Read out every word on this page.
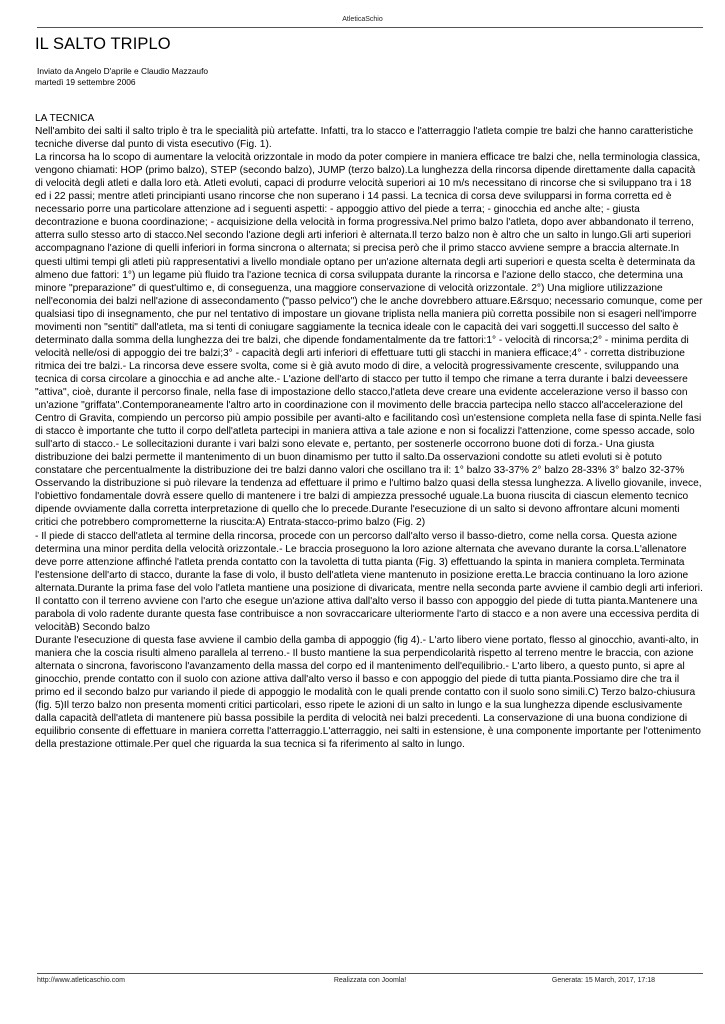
AtleticaSchio
IL SALTO TRIPLO
Inviato da Angelo D'aprile e Claudio Mazzaufo
martedì 19 settembre 2006

LA TECNICA

Nell'ambito dei salti il salto triplo è tra le specialità più artefatte. Infatti, tra lo stacco e l'atterraggio l'atleta compie tre balzi che hanno caratteristiche tecniche diverse dal punto di vista esecutivo (Fig. 1).
La rincorsa ha lo scopo di aumentare la velocità orizzontale in modo da poter compiere in maniera efficace tre balzi che, nella terminologia classica, vengono chiamati: HOP (primo balzo), STEP (secondo balzo), JUMP (terzo balzo).La lunghezza della rincorsa dipende direttamente dalla capacità di velocità degli atleti e dalla loro età. Atleti evoluti, capaci di produrre velocità superiori ai 10 m/s necessitano di rincorse che si sviluppano tra i 18 ed i 22 passi; mentre atleti principianti usano rincorse che non superano i 14 passi. La tecnica di corsa deve svilupparsi in forma corretta ed è necessario porre una particolare attenzione ad i seguenti aspetti: - appoggio attivo del piede a terra; - ginocchia ed anche alte; - giusta decontrazione e buona coordinazione; - acquisizione della velocità in forma progressiva.Nel primo balzo l'atleta, dopo aver abbandonato il terreno, atterra sullo stesso arto di stacco.Nel secondo l'azione degli arti inferiori è alternata.Il terzo balzo non è altro che un salto in lungo.Gli arti superiori accompagnano l'azione di quelli inferiori in forma sincrona o alternata; si precisa però che il primo stacco avviene sempre a braccia alternate.In questi ultimi tempi gli atleti più rappresentativi a livello mondiale optano per un'azione alternata degli arti superiori e questa scelta è determinata da almeno due fattori: 1°) un legame più fluido tra l'azione tecnica di corsa sviluppata durante la rincorsa e l'azione dello stacco, che determina una minore "preparazione" di quest'ultimo e, di conseguenza, una maggiore conservazione di velocità orizzontale. 2°) Una migliore utilizzazione nell'economia dei balzi nell'azione di assecondamento ("passo pelvico") che le anche dovrebbero attuare.E&rsquo; necessario comunque, come per qualsiasi tipo di insegnamento, che pur nel tentativo di impostare un giovane triplista nella maniera più corretta possibile non si esageri nell'imporre movimenti non "sentiti" dall'atleta, ma si tenti di coniugare saggiamente la tecnica ideale con le capacità dei vari soggetti.Il successo del salto è determinato dalla somma della lunghezza dei tre balzi, che dipende fondamentalmente da tre fattori:1° - velocità di rincorsa;2° - minima perdita di velocità nelle/osi di appoggio dei tre balzi;3° - capacità degli arti inferiori di effettuare tutti gli stacchi in maniera efficace;4° - corretta distribuzione ritmica dei tre balzi.- La rincorsa deve essere svolta, come si è già avuto modo di dire, a velocità progressivamente crescente, sviluppando una tecnica di corsa circolare a ginocchia e ad anche alte.- L'azione dell'arto di stacco per tutto il tempo che rimane a terra durante i balzi deveessere "attiva", cioè, durante il percorso finale, nella fase di impostazione dello stacco,l'atleta deve creare una evidente accelerazione verso il basso con un'azione "griffata".Contemporaneamente l'altro arto in coordinazione con il movimento delle braccia partecipa nello stacco all'accelerazione del Centro di Gravita, compiendo un percorso più ampio possibile per avanti-alto e facilitando così un'estensione completa nella fase di spinta.Nelle fasi di stacco è importante che tutto il corpo dell'atleta partecipi in maniera attiva a tale azione e non si focalizzi l'attenzione, come spesso accade, solo sull'arto di stacco.- Le sollecitazioni durante i vari balzi sono elevate e, pertanto, per sostenerle occorrono buone doti di forza.- Una giusta distribuzione dei balzi permette il mantenimento di un buon dinamismo per tutto il salto.Da osservazioni condotte su atleti evoluti si è potuto constatare che percentualmente la distribuzione dei tre balzi danno valori che oscillano tra il: 1° balzo 33-37% 2° balzo 28-33% 3° balzo 32-37%
Osservando la distribuzione si può rilevare la tendenza ad effettuare il primo e l'ultimo balzo quasi della stessa lunghezza. A livello giovanile, invece, l'obiettivo fondamentale dovrà essere quello di mantenere i tre balzi di ampiezza pressoché uguale.La buona riuscita di ciascun elemento tecnico dipende ovviamente dalla corretta interpretazione di quello che lo precede.Durante l'esecuzione di un salto si devono affrontare alcuni momenti critici che potrebbero comprometterne la riuscita:A) Entrata-stacco-primo balzo (Fig. 2)
- Il piede di stacco dell'atleta al termine della rincorsa, procede con un percorso dall'alto verso il basso-dietro, come nella corsa. Questa azione determina una minor perdita della velocità orizzontale.- Le braccia proseguono la loro azione alternata che avevano durante la corsa.L'allenatore deve porre attenzione affinché l'atleta prenda contatto con la tavoletta di tutta pianta (Fig. 3) effettuando la spinta in maniera completa.Terminata l'estensione dell'arto di stacco, durante la fase di volo, il busto dell'atleta viene mantenuto in posizione eretta.Le braccia continuano la loro azione alternata.Durante la prima fase del volo l'atleta mantiene una posizione di divaricata, mentre nella seconda parte avviene il cambio degli arti inferiori. Il contatto con il terreno avviene con l'arto che esegue un'azione attiva dall'alto verso il basso con appoggio del piede di tutta pianta.Mantenere una parabola di volo radente durante questa fase contribuisce a non sovraccaricare ulteriormente l'arto di stacco e a non avere una eccessiva perdita di velocitàB) Secondo balzo
Durante l'esecuzione di questa fase avviene il cambio della gamba di appoggio (fig 4).- L'arto libero viene portato, flesso al ginocchio, avanti-alto, in maniera che la coscia risulti almeno parallela al terreno.- Il busto mantiene la sua perpendicolarità rispetto al terreno mentre le braccia, con azione alternata o sincrona, favoriscono l'avanzamento della massa del corpo ed il mantenimento dell'equilibrio.- L'arto libero, a questo punto, si apre al ginocchio, prende contatto con il suolo con azione attiva dall'alto verso il basso e con appoggio del piede di tutta pianta.Possiamo dire che tra il primo ed il secondo balzo pur variando il piede di appoggio le modalità con le quali prende contatto con il suolo sono simili.C) Terzo balzo-chiusura (fig. 5)Il terzo balzo non presenta momenti critici particolari, esso ripete le azioni di un salto in lungo e la sua lunghezza dipende esclusivamente dalla capacità dell'atleta di mantenere più bassa possibile la perdita di velocità nei balzi precedenti. La conservazione di una buona condizione di equilibrio consente di effettuare in maniera corretta l'atterraggio.L'atterraggio, nei salti in estensione, è una componente importante per l'ottenimento della prestazione ottimale.Per quel che riguarda la sua tecnica si fa riferimento al salto in lungo.

http://www.atleticaschio.com	Realizzata con Joomla!	Generata: 15 March, 2017, 17:18
